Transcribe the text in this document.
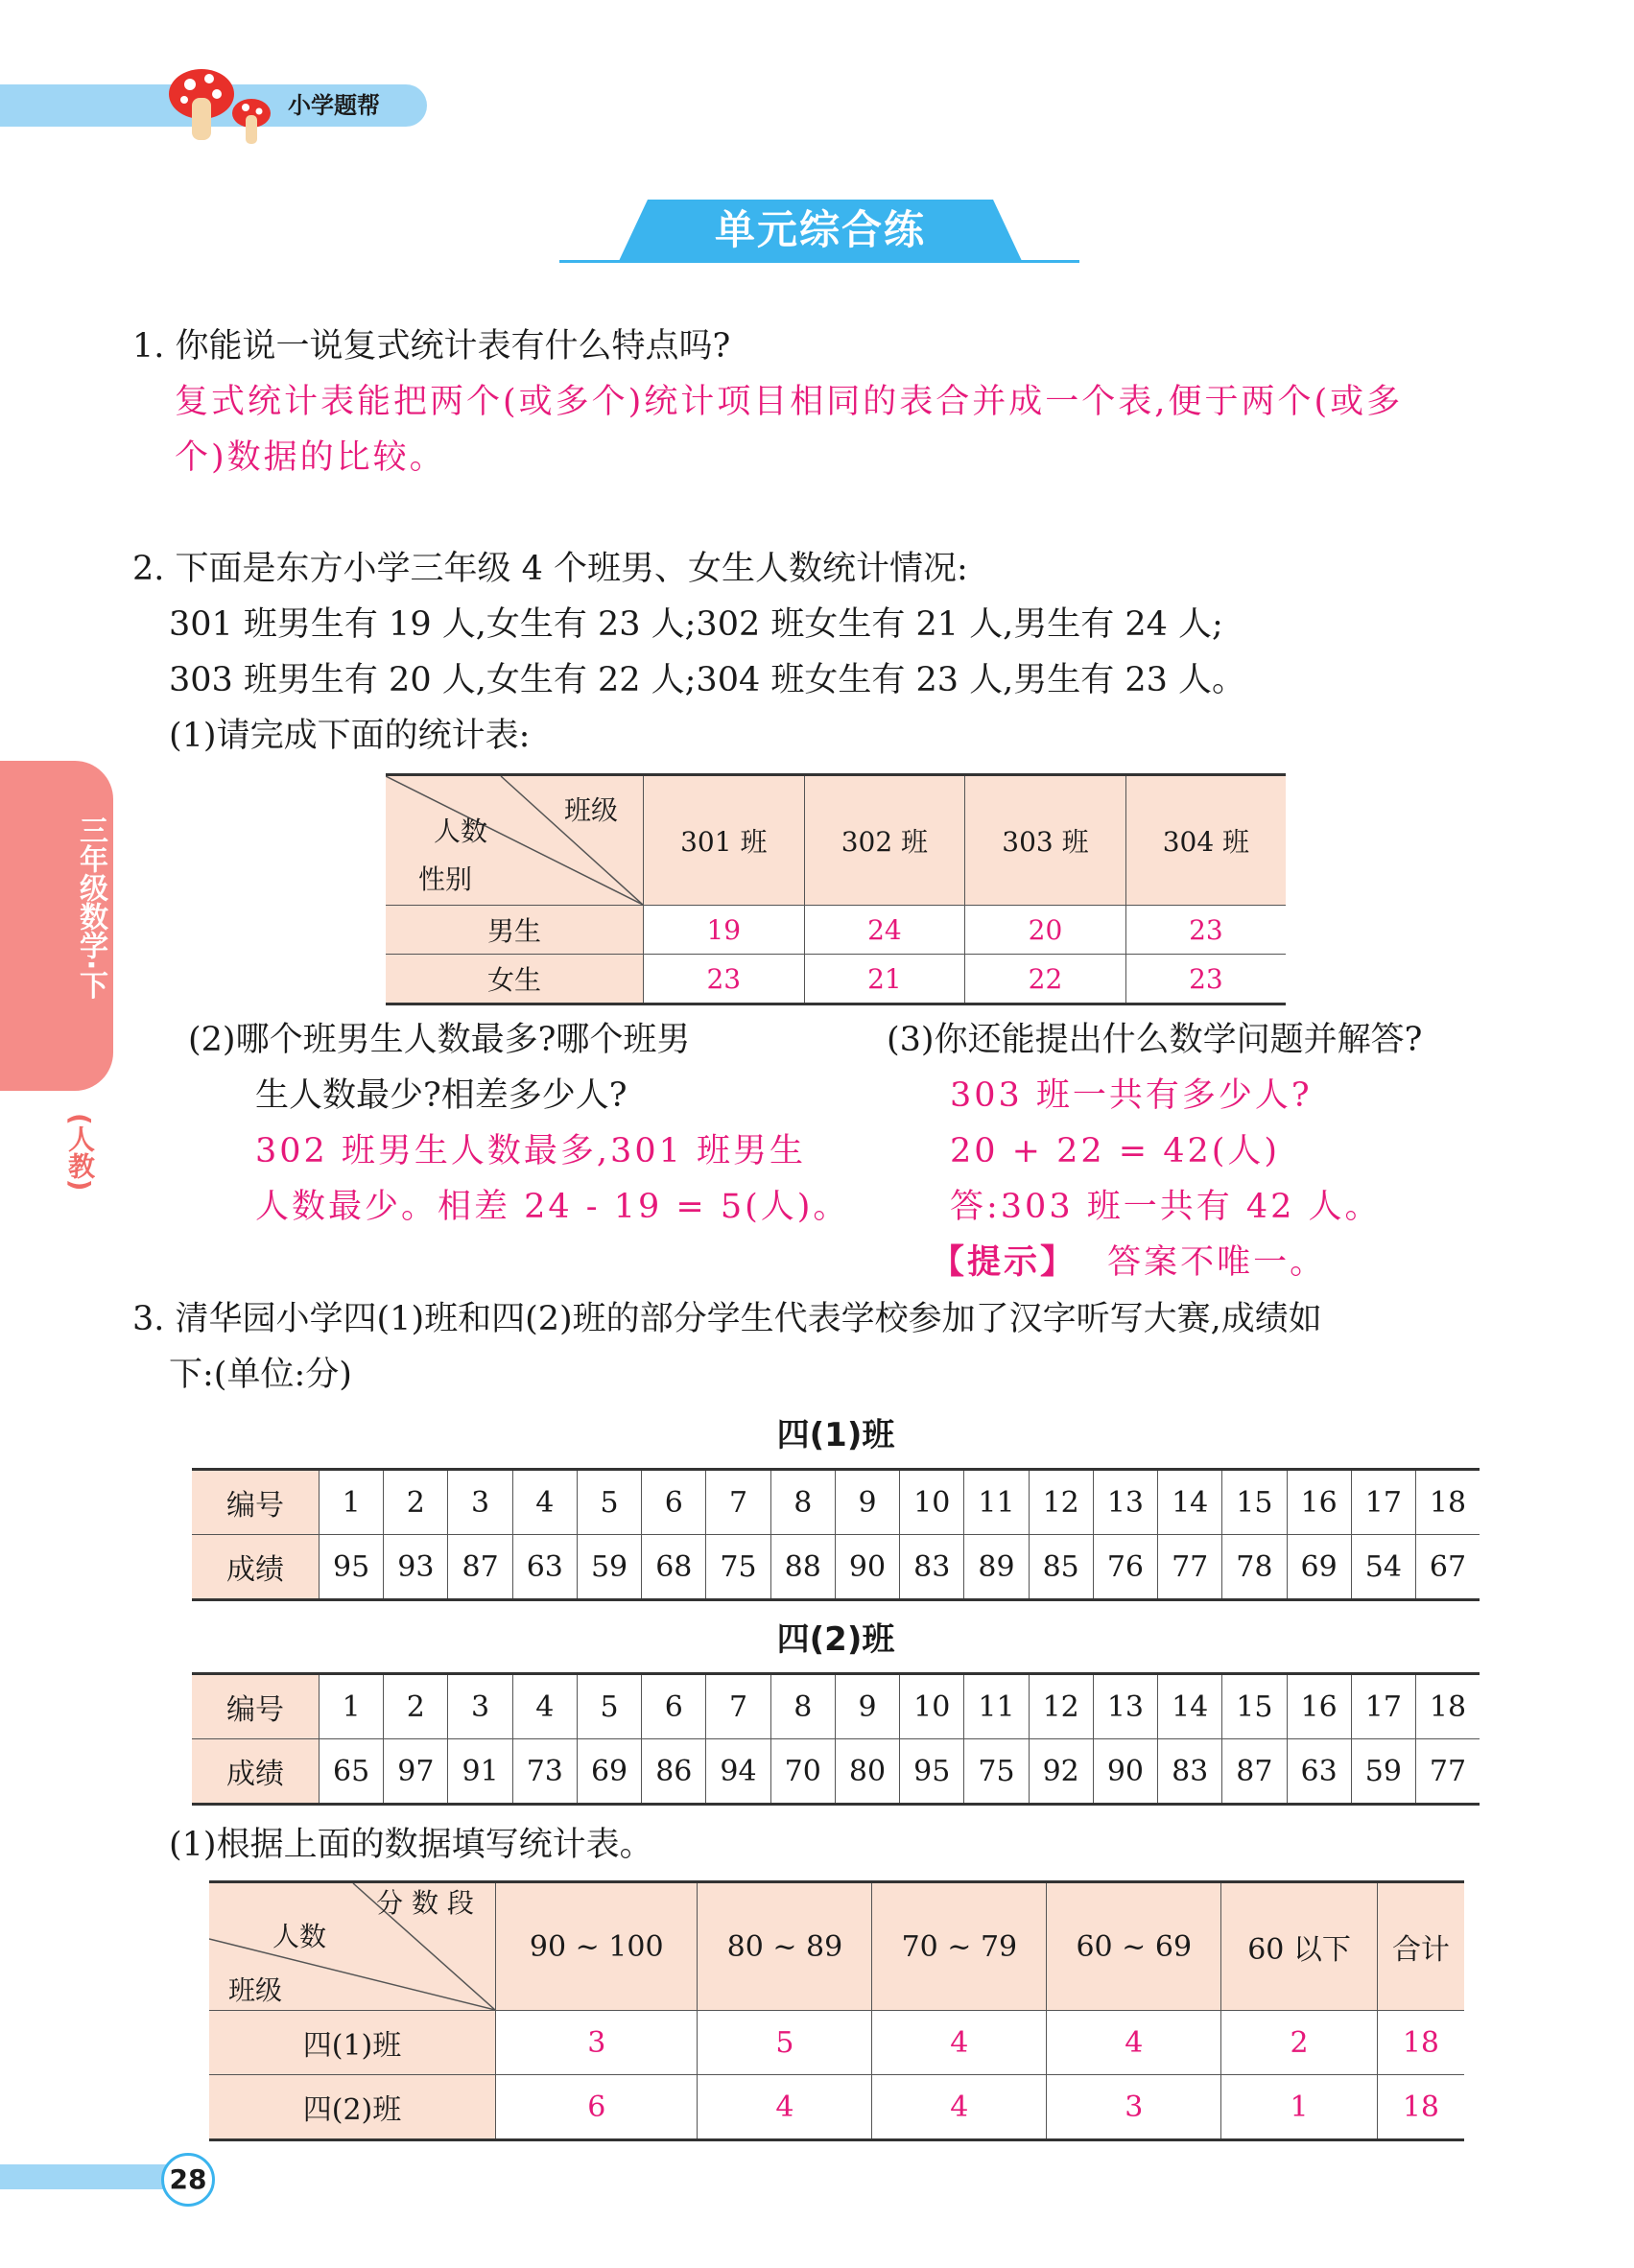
小学题帮
单元综合练
三年级数学·下
(人教)
1. 你能说一说复式统计表有什么特点吗?
复式统计表能把两个(或多个)统计项目相同的表合并成一个表,便于两个(或多
个)数据的比较。
2. 下面是东方小学三年级 4 个班男、女生人数统计情况:
301 班男生有 19 人,女生有 23 人;302 班女生有 21 人,男生有 24 人;
303 班男生有 20 人,女生有 22 人;304 班女生有 23 人,男生有 23 人。
(1)请完成下面的统计表:
班级
人数
性别	301 班	302 班	303 班	304 班
男生	19	24	20	23
女生	23	21	22	23
(2)哪个班男生人数最多?哪个班男
生人数最少?相差多少人?
302 班男生人数最多,301 班男生
人数最少。相差 24 - 19 = 5(人)。
(3)你还能提出什么数学问题并解答?
303 班一共有多少人?
20 + 22 = 42(人)
答:303 班一共有 42 人。
【提示】 答案不唯一。
3. 清华园小学四(1)班和四(2)班的部分学生代表学校参加了汉字听写大赛,成绩如
下:(单位:分)
四(1)班
编号	1	2	3	4	5	6	7	8	9	10	11	12	13	14	15	16	17	18
成绩	95	93	87	63	59	68	75	88	90	83	89	85	76	77	78	69	54	67
四(2)班
编号	1	2	3	4	5	6	7	8	9	10	11	12	13	14	15	16	17	18
成绩	65	97	91	73	69	86	94	70	80	95	75	92	90	83	87	63	59	77
(1)根据上面的数据填写统计表。
分 数 段
人数
班级	90 ~ 100	80 ~ 89	70 ~ 79	60 ~ 69	60 以下	合计
四(1)班	3	5	4	4	2	18
四(2)班	6	4	4	3	1	18
28
